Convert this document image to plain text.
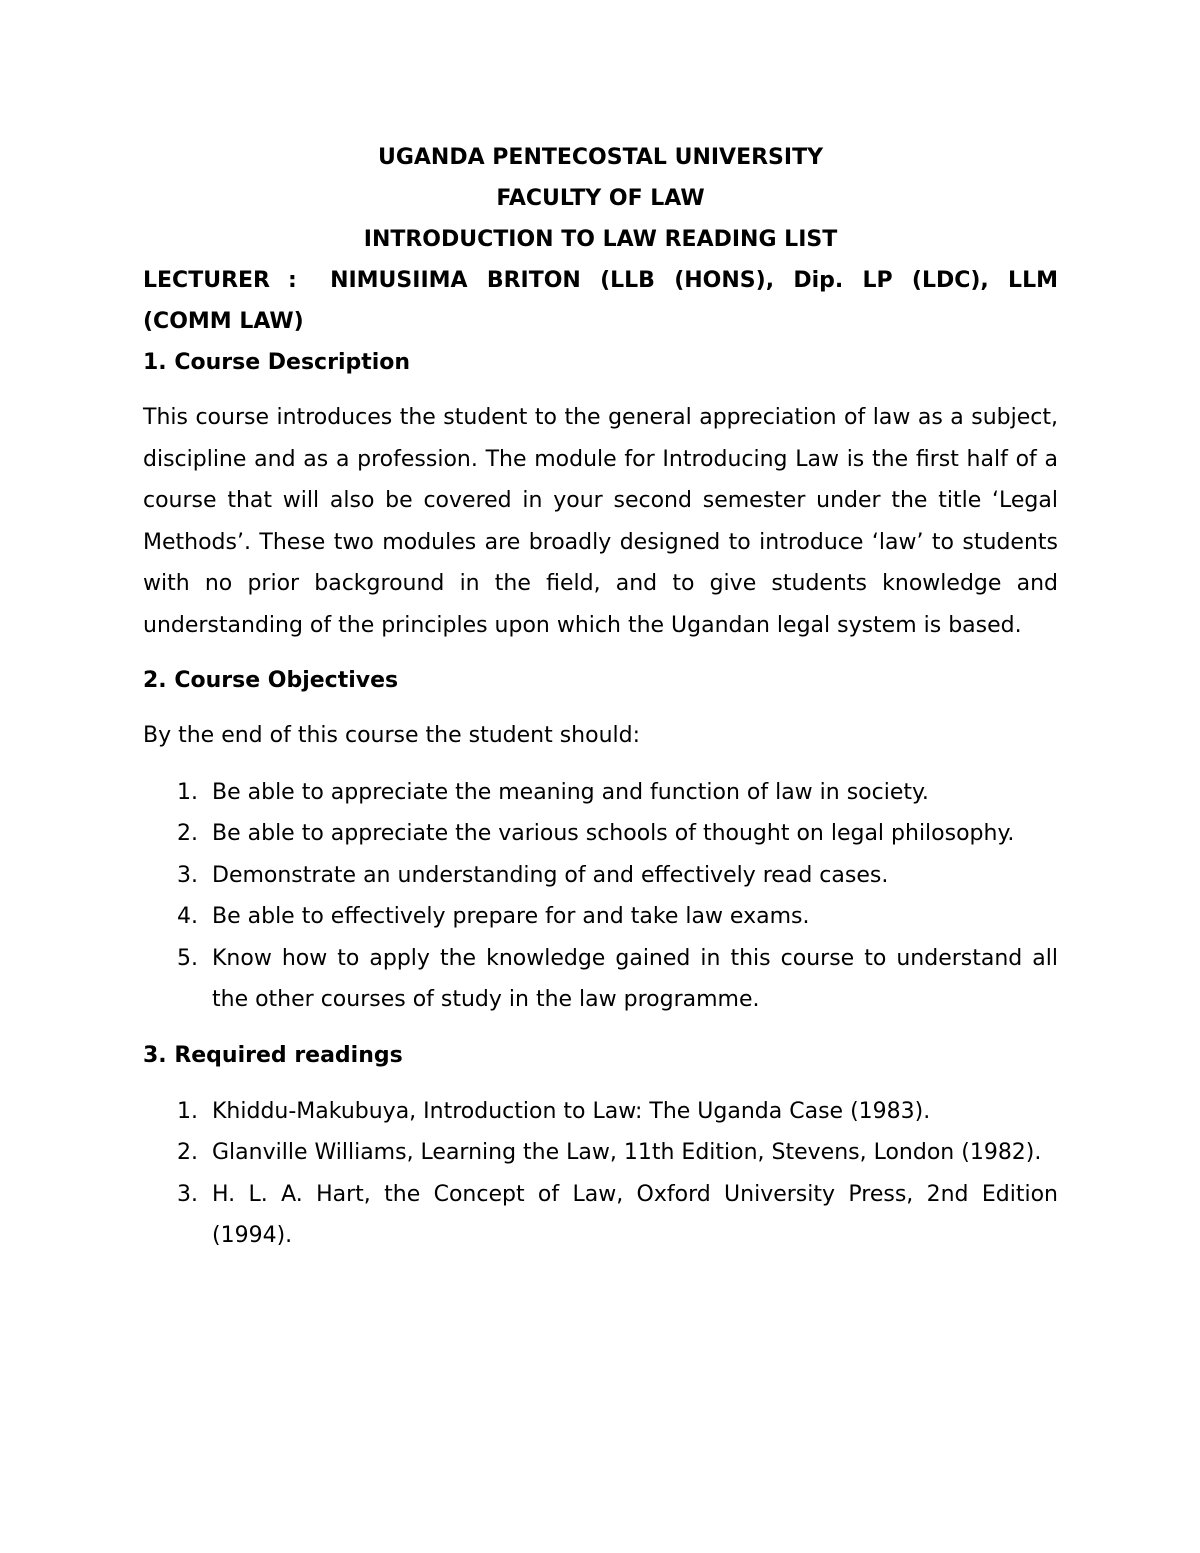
UGANDA PENTECOSTAL UNIVERSITY
FACULTY OF LAW
INTRODUCTION TO LAW READING LIST
LECTURER : NIMUSIIMA BRITON (LLB (HONS), Dip. LP (LDC), LLM (COMM LAW)
1. Course Description

This course introduces the student to the general appreciation of law as a subject, discipline and as a profession. The module for Introducing Law is the first half of a course that will also be covered in your second semester under the title ‘Legal Methods’. These two modules are broadly designed to introduce ‘law’ to students with no prior background in the field, and to give students knowledge and understanding of the principles upon which the Ugandan legal system is based.

2. Course Objectives

By the end of this course the student should:

1. Be able to appreciate the meaning and function of law in society.
2. Be able to appreciate the various schools of thought on legal philosophy.
3. Demonstrate an understanding of and effectively read cases.
4. Be able to effectively prepare for and take law exams.
5. Know how to apply the knowledge gained in this course to understand all the other courses of study in the law programme.
3. Required readings
1. Khiddu-Makubuya, Introduction to Law: The Uganda Case (1983).
2. Glanville Williams, Learning the Law, 11th Edition, Stevens, London (1982).
3. H. L. A. Hart, the Concept of Law, Oxford University Press, 2nd Edition (1994).
